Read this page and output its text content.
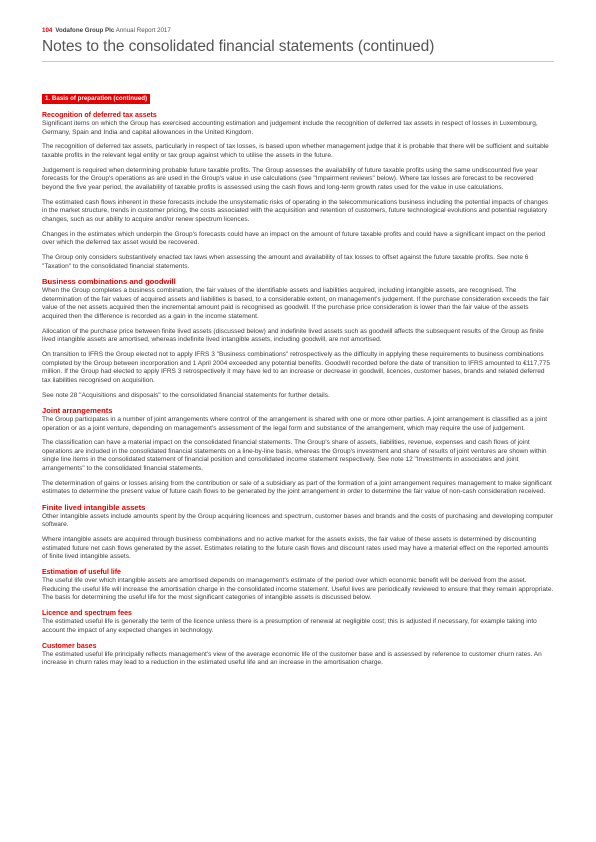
104 Vodafone Group Plc Annual Report 2017
Notes to the consolidated financial statements (continued)
1. Basis of preparation (continued)
Recognition of deferred tax assets

Significant items on which the Group has exercised accounting estimation and judgement include the recognition of deferred tax assets in respect of losses in Luxembourg, Germany, Spain and India and capital allowances in the United Kingdom.

The recognition of deferred tax assets, particularly in respect of tax losses, is based upon whether management judge that it is probable that there will be sufficient and suitable taxable profits in the relevant legal entity or tax group against which to utilise the assets in the future.

Judgement is required when determining probable future taxable profits. The Group assesses the availability of future taxable profits using the same undiscounted five year forecasts for the Group's operations as are used in the Group's value in use calculations (see "Impairment reviews" below). Where tax losses are forecast to be recovered beyond the five year period, the availability of taxable profits is assessed using the cash flows and long-term growth rates used for the value in use calculations.

The estimated cash flows inherent in these forecasts include the unsystematic risks of operating in the telecommunications business including the potential impacts of changes in the market structure, trends in customer pricing, the costs associated with the acquisition and retention of customers, future technological evolutions and potential regulatory changes, such as our ability to acquire and/or renew spectrum licences.

Changes in the estimates which underpin the Group's forecasts could have an impact on the amount of future taxable profits and could have a significant impact on the period over which the deferred tax asset would be recovered.

The Group only considers substantively enacted tax laws when assessing the amount and availability of tax losses to offset against the future taxable profits. See note 6 "Taxation" to the consolidated financial statements.

Business combinations and goodwill

When the Group completes a business combination, the fair values of the identifiable assets and liabilities acquired, including intangible assets, are recognised. The determination of the fair values of acquired assets and liabilities is based, to a considerable extent, on management's judgement. If the purchase consideration exceeds the fair value of the net assets acquired then the incremental amount paid is recognised as goodwill. If the purchase price consideration is lower than the fair value of the assets acquired then the difference is recorded as a gain in the income statement.

Allocation of the purchase price between finite lived assets (discussed below) and indefinite lived assets such as goodwill affects the subsequent results of the Group as finite lived intangible assets are amortised, whereas indefinite lived intangible assets, including goodwill, are not amortised.

On transition to IFRS the Group elected not to apply IFRS 3 "Business combinations" retrospectively as the difficulty in applying these requirements to business combinations completed by the Group between incorporation and 1 April 2004 exceeded any potential benefits. Goodwill recorded before the date of transition to IFRS amounted to €117,775 million. If the Group had elected to apply IFRS 3 retrospectively it may have led to an increase or decrease in goodwill, licences, customer bases, brands and related deferred tax liabilities recognised on acquisition.

See note 28 "Acquisitions and disposals" to the consolidated financial statements for further details.

Joint arrangements

The Group participates in a number of joint arrangements where control of the arrangement is shared with one or more other parties. A joint arrangement is classified as a joint operation or as a joint venture, depending on management's assessment of the legal form and substance of the arrangement, which may require the use of judgement.

The classification can have a material impact on the consolidated financial statements. The Group's share of assets, liabilities, revenue, expenses and cash flows of joint operations are included in the consolidated financial statements on a line-by-line basis, whereas the Group's investment and share of results of joint ventures are shown within single line items in the consolidated statement of financial position and consolidated income statement respectively. See note 12 "Investments in associates and joint arrangements" to the consolidated financial statements.

The determination of gains or losses arising from the contribution or sale of a subsidiary as part of the formation of a joint arrangement requires management to make significant estimates to determine the present value of future cash flows to be generated by the joint arrangement in order to determine the fair value of non-cash consideration received.

Finite lived intangible assets

Other intangible assets include amounts spent by the Group acquiring licences and spectrum, customer bases and brands and the costs of purchasing and developing computer software.

Where intangible assets are acquired through business combinations and no active market for the assets exists, the fair value of these assets is determined by discounting estimated future net cash flows generated by the asset. Estimates relating to the future cash flows and discount rates used may have a material effect on the reported amounts of finite lived intangible assets.

Estimation of useful life

The useful life over which intangible assets are amortised depends on management's estimate of the period over which economic benefit will be derived from the asset. Reducing the useful life will increase the amortisation charge in the consolidated income statement. Useful lives are periodically reviewed to ensure that they remain appropriate. The basis for determining the useful life for the most significant categories of intangible assets is discussed below.

Licence and spectrum fees

The estimated useful life is generally the term of the licence unless there is a presumption of renewal at negligible cost; this is adjusted if necessary, for example taking into account the impact of any expected changes in technology.

Customer bases

The estimated useful life principally reflects management's view of the average economic life of the customer base and is assessed by reference to customer churn rates. An increase in churn rates may lead to a reduction in the estimated useful life and an increase in the amortisation charge.
